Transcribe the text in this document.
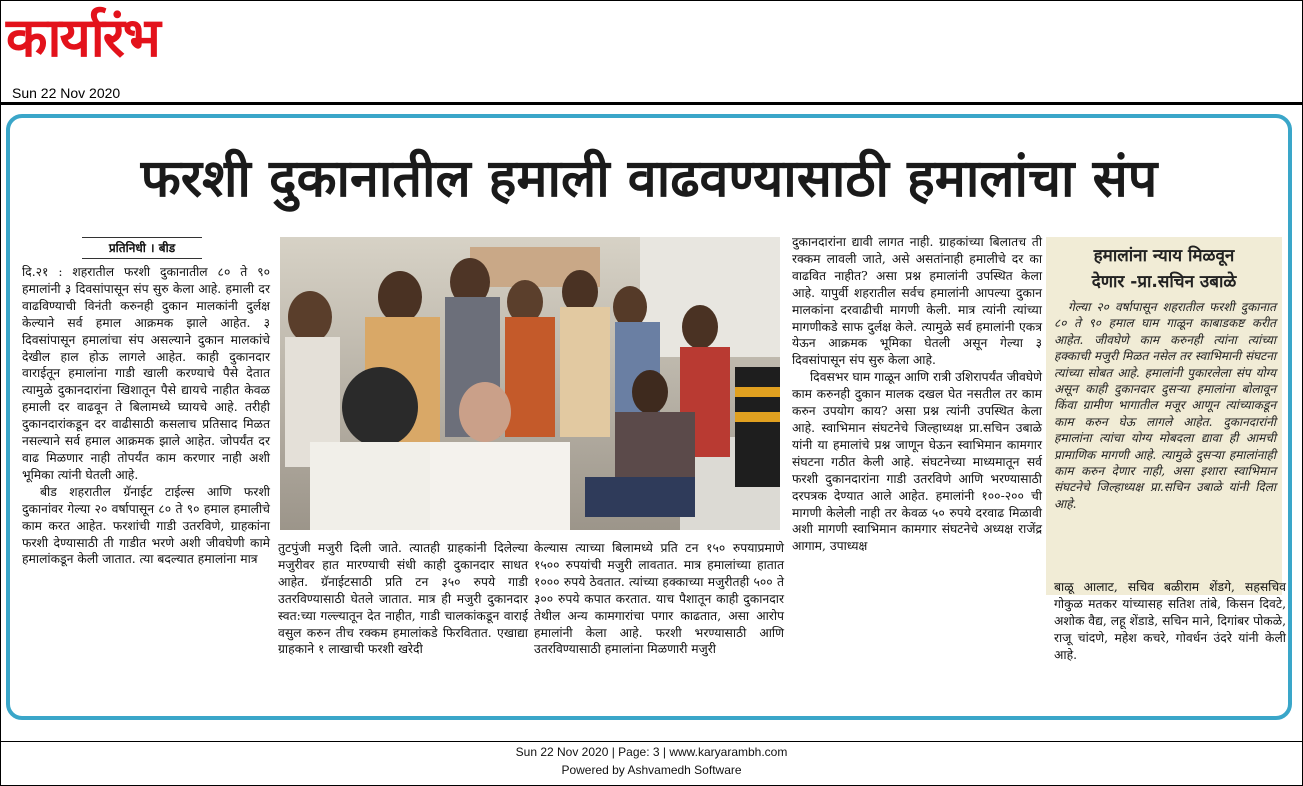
कार्यारंभ
Sun 22 Nov 2020
फरशी दुकानातील हमाली वाढवण्यासाठी हमालांचा संप
प्रतिनिधी । बीड

दि.२१ : शहरातील फरशी दुकानातील ८० ते ९० हमालांनी ३ दिवसांपासून संप सुरु केला आहे. हमाली दर वाढविण्याची विनंती करुनही दुकान मालकांनी दुर्लक्ष केल्याने सर्व हमाल आक्रमक झाले आहेत. ३ दिवसांपासून हमालांचा संप असल्याने दुकान मालकांचे देखील हाल होऊ लागले आहेत. काही दुकानदार वाराईतून हमालांना गाडी खाली करण्याचे पैसे देतात त्यामुळे दुकानदारांना खिशातून पैसे द्यायचे नाहीत केवळ हमाली दर वाढवून ते बिलामध्ये घ्यायचे आहे. तरीही दुकानदारांकडून दर वाढीसाठी कसलाच प्रतिसाद मिळत नसल्याने सर्व हमाल आक्रमक झाले आहेत. जोपर्यंत दर वाढ मिळणार नाही तोपर्यंत काम करणार नाही अशी भूमिका त्यांनी घेतली आहे.

बीड शहरातील ग्रॅनाईट टाईल्स आणि फरशी दुकानांवर गेल्या २० वर्षापासून ८० ते ९० हमाल हमालीचे काम करत आहेत. फरशांची गाडी उतरविणे, ग्राहकांना फरशी देण्यासाठी ती गाडीत भरणे अशी जीवघेणी कामे हमालांकडून केली जातात. त्या बदल्यात हमालांना मात्र

तुटपुंजी मजुरी दिली जाते. त्यातही ग्राहकांनी दिलेल्या मजुरीवर हात मारण्याची संधी काही दुकानदार साधत आहेत. ग्रॅनाईटसाठी प्रति टन ३५० रुपये गाडी उतरविण्यासाठी घेतले जातात. मात्र ही मजुरी दुकानदार स्वत:च्या गल्ल्यातून देत नाहीत, गाडी चालकांकडून वाराई वसुल करुन तीच रक्कम हमालांकडे फिरवितात. एखाद्या ग्राहकाने १ लाखाची फरशी खरेदी

केल्यास त्याच्या बिलामध्ये प्रति टन १५० रुपयाप्रमाणे १५०० रुपयांची मजुरी लावतात. मात्र हमालांच्या हातात १००० रुपये ठेवतात. त्यांच्या हक्काच्या मजुरीतही ५०० ते ३०० रुपये कपात करतात. याच पैशातून काही दुकानदार तेथील अन्य कामगारांचा पगार काढतात, असा आरोप हमालांनी केला आहे. फरशी भरण्यासाठी आणि उतरविण्यासाठी हमालांना मिळणारी मजुरी

दुकानदारांना द्यावी लागत नाही. ग्राहकांच्या बिलातच ती रक्कम लावली जाते, असे असतांनाही हमालीचे दर का वाढवित नाहीत? असा प्रश्न हमालांनी उपस्थित केला आहे. यापुर्वी शहरातील सर्वच हमालांनी आपल्या दुकान मालकांना दरवाढीची मागणी केली. मात्र त्यांनी त्यांच्या मागणीकडे साफ दुर्लक्ष केले. त्यामुळे सर्व हमालांनी एकत्र येऊन आक्रमक भूमिका घेतली असून गेल्या ३ दिवसांपासून संप सुरु केला आहे.

दिवसभर घाम गाळून आणि रात्री उशिरापर्यंत जीवघेणे काम करुनही दुकान मालक दखल घेत नसतील तर काम करुन उपयोग काय? असा प्रश्न त्यांनी उपस्थित केला आहे. स्वाभिमान संघटनेचे जिल्हाध्यक्ष प्रा.सचिन उबाळे यांनी या हमालांचे प्रश्न जाणून घेऊन स्वाभिमान कामगार संघटना गठीत केली आहे. संघटनेच्या माध्यमातून सर्व फरशी दुकानदारांना गाडी उतरविणे आणि भरण्यासाठी दरपत्रक देण्यात आले आहेत. हमालांनी १००-२०० ची मागणी केलेली नाही तर केवळ ५० रुपये दरवाढ मिळावी अशी मागणी स्वाभिमान कामगार संघटनेचे अध्यक्ष राजेंद्र आगाम, उपाध्यक्ष

हमालांना न्याय मिळवून
देणार -प्रा.सचिन उबाळे

गेल्या २० वर्षापासून शहरातील फरशी दुकानात ८० ते ९० हमाल घाम गाळून काबाडकष्ट करीत आहेत. जीवघेणे काम करुनही त्यांना त्यांच्या हक्काची मजुरी मिळत नसेल तर स्वाभिमानी संघटना त्यांच्या सोबत आहे. हमालांनी पुकारलेला संप योग्य असून काही दुकानदार दुसऱ्या हमालांना बोलावून किंवा ग्रामीण भागातील मजूर आणून त्यांच्याकडून काम करुन घेऊ लागले आहेत. दुकानदारांनी हमालांना त्यांचा योग्य मोबदला द्यावा ही आमची प्रामाणिक मागणी आहे. त्यामुळे दुसऱ्या हमालांनाही काम करुन देणार नाही, असा इशारा स्वाभिमान संघटनेचे जिल्हाध्यक्ष प्रा.सचिन उबाळे यांनी दिला आहे.

बाळू आलाट, सचिव बळीराम शेंडगे, सहसचिव गोकुळ मतकर यांच्यासह सतिश तांबे, किसन दिवटे, अशोक वैद्य, लहू शेंडाडे, सचिन माने, दिगांबर पोकळे, राजू चांदणे, महेश कचरे, गोवर्धन उंदरे यांनी केली आहे.

Sun 22 Nov 2020 | Page: 3 | www.karyarambh.com
Powered by Ashvamedh Software
